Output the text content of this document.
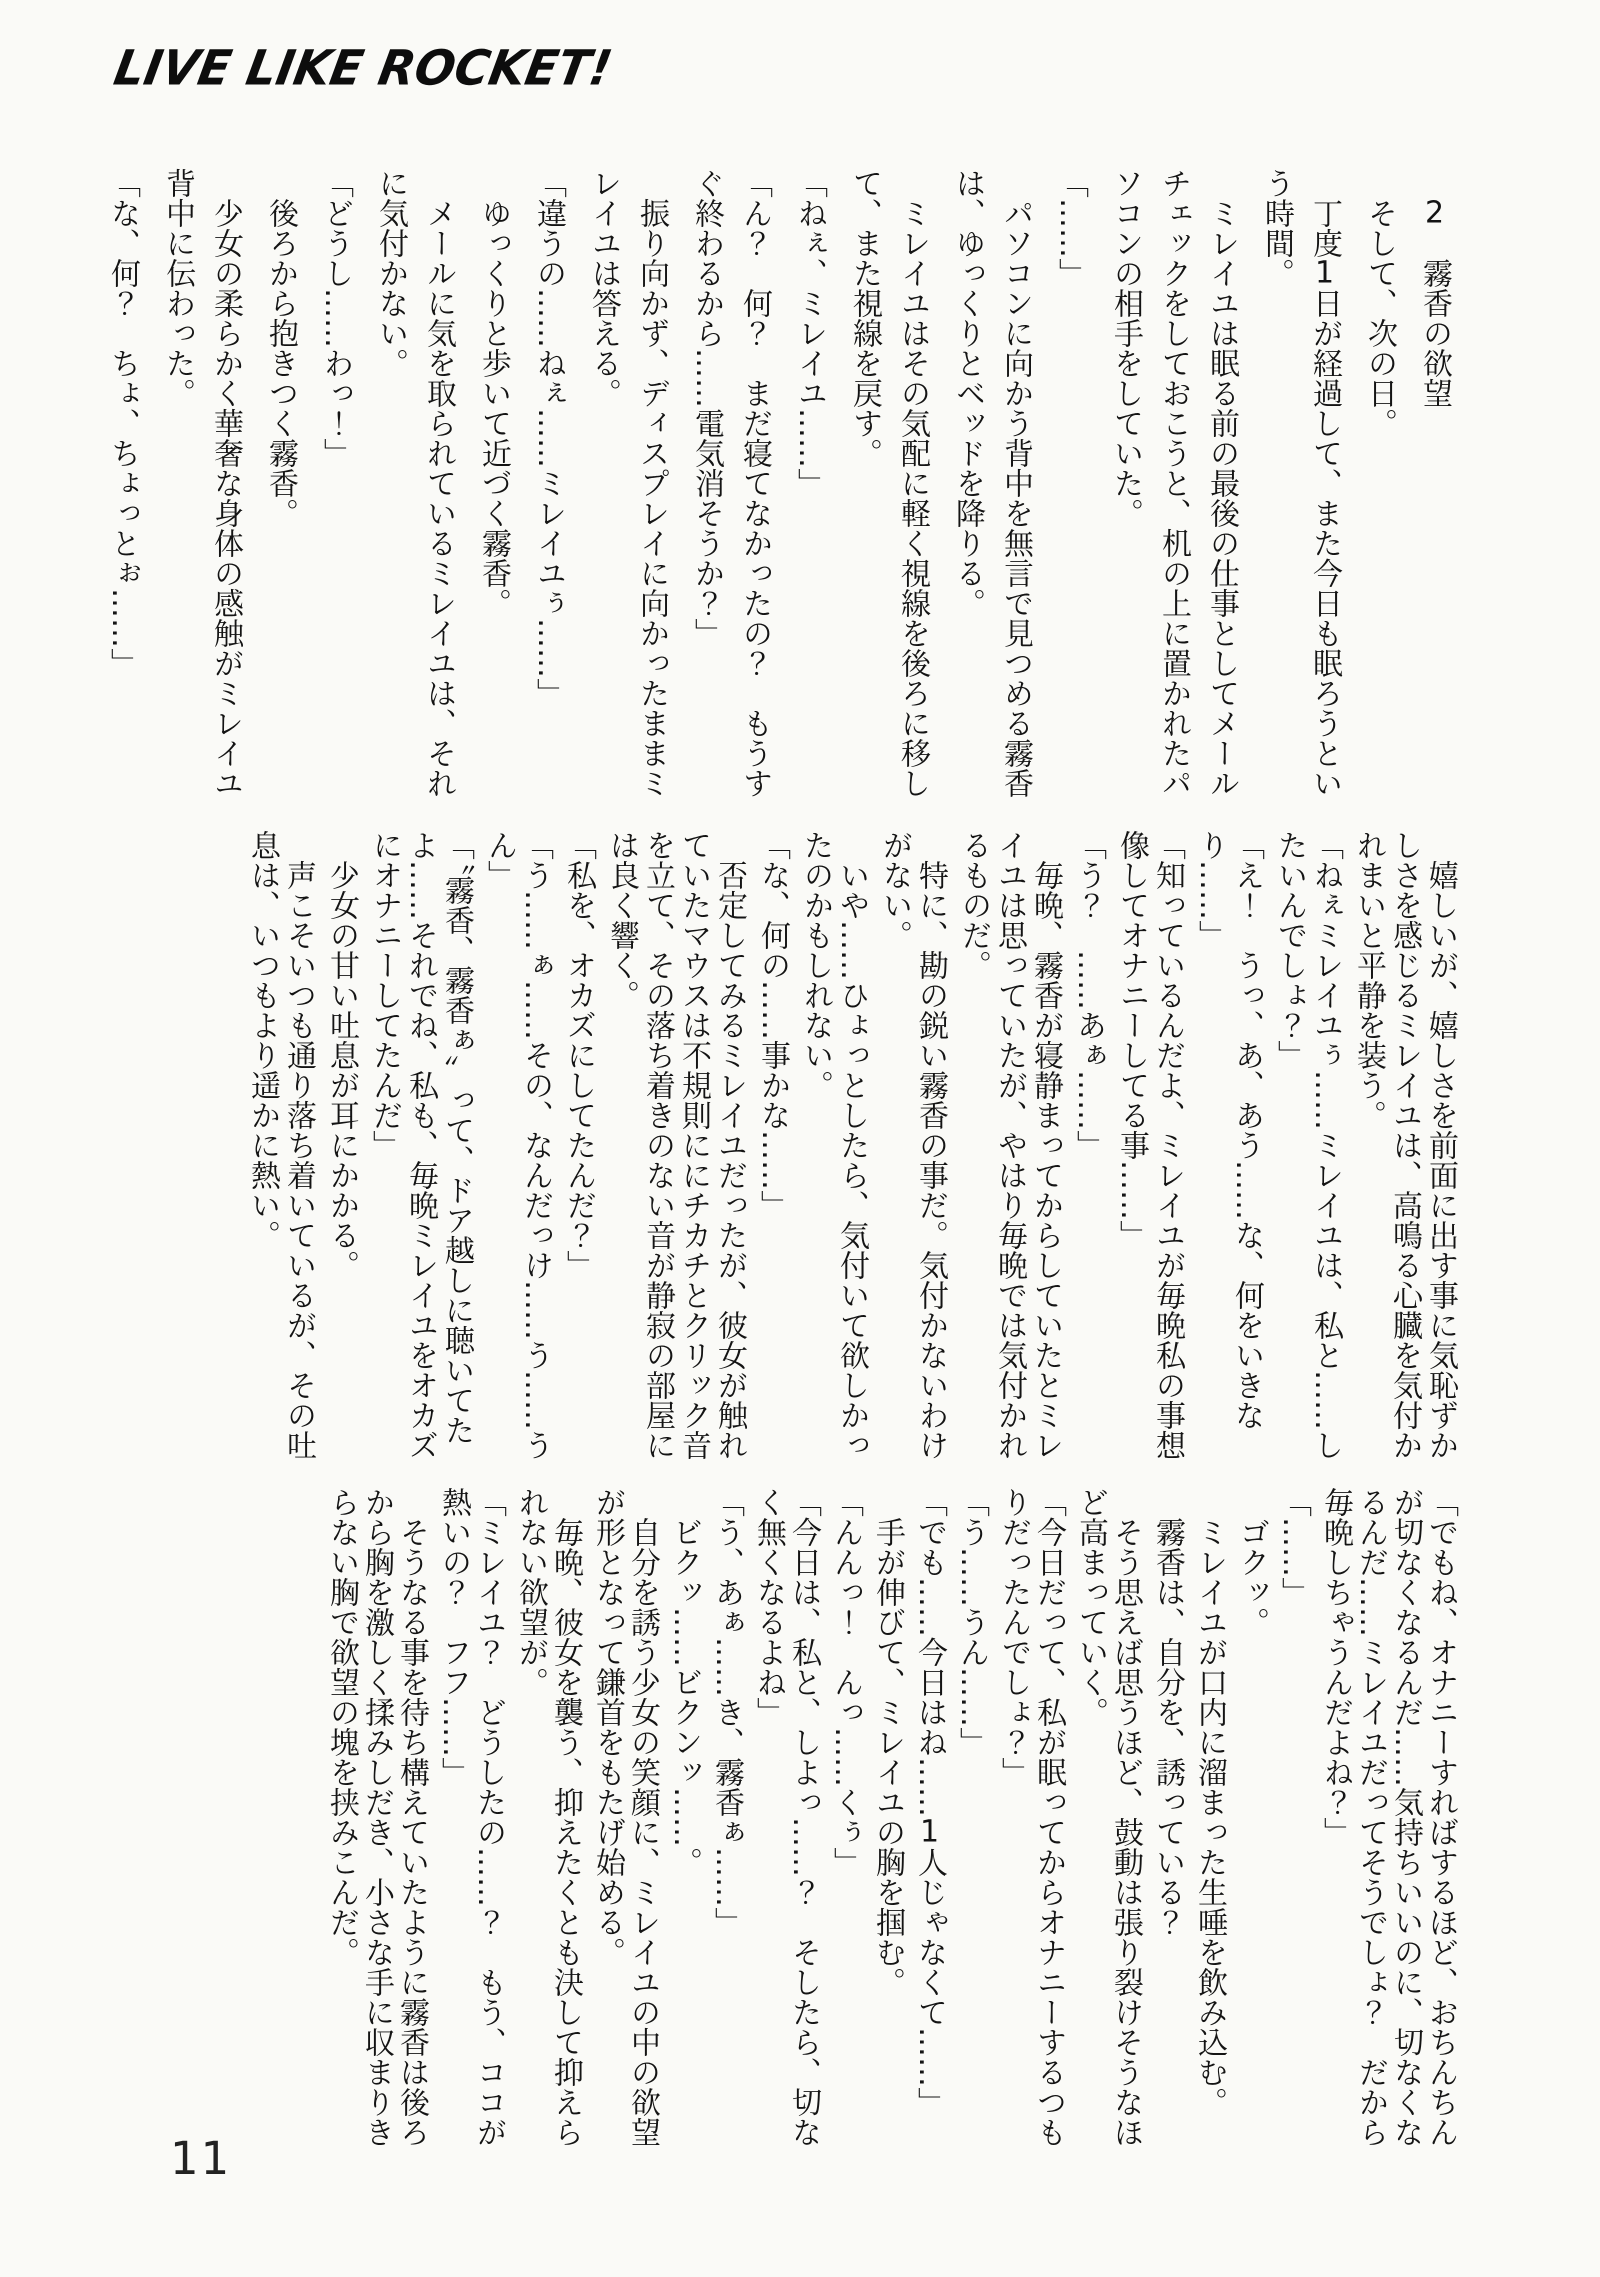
LIVE LIKE ROCKET!

2　霧香の欲望

そして、次の日。

丁度1日が経過して、また今日も眠ろうという時間。

ミレイユは眠る前の最後の仕事としてメールチェックをしておこうと、机の上に置かれたパソコンの相手をしていた。

「……」

パソコンに向かう背中を無言で見つめる霧香は、ゆっくりとベッドを降りる。

ミレイユはその気配に軽く視線を後ろに移して、また視線を戻す。

「ねぇ、ミレイユ……」

「ん？　何？　まだ寝てなかったの？　もうすぐ終わるから……電気消そうか？」

振り向かず、ディスプレイに向かったままミレイユは答える。

「違うの……ねぇ……ミレイユぅ……」

ゆっくりと歩いて近づく霧香。

メールに気を取られているミレイユは、それに気付かない。

「どうし……わっ！」

後ろから抱きつく霧香。

少女の柔らかく華奢な身体の感触がミレイユ背中に伝わった。

「な、何？　ちょ、ちょっとぉ……」

嬉しいが、嬉しさを前面に出す事に気恥ずかしさを感じるミレイユは、高鳴る心臓を気付かれまいと平静を装う。

「ねぇミレイユぅ……ミレイユは、私と……したいんでしょ？」

「え！　うっ、あ、あう……な、何をいきなり……」

「知っているんだよ、ミレイユが毎晩私の事想像してオナニーしてる事……」

「う？　……あぁ……」

毎晩、霧香が寝静まってからしていたとミレイユは思っていたが、やはり毎晩では気付かれるものだ。

特に、勘の鋭い霧香の事だ。気付かないわけがない。

いや……ひょっとしたら、気付いて欲しかったのかもしれない。

「な、何の……事かな……」

否定してみるミレイユだったが、彼女が触れていたマウスは不規則ににチカチとクリック音を立て、その落ち着きのない音が静寂の部屋には良く響く。

「私を、オカズにしてたんだ？」

「う……ぁ……その、なんだっけ……う……うん」

「〝霧香、霧香ぁ〟って、ドア越しに聴いてたよ……それでね、私も、毎晩ミレイユをオカズにオナニーしてたんだ」

少女の甘い吐息が耳にかかる。

声こそいつも通り落ち着いているが、その吐息は、いつもより遥かに熱い。

「でもね、オナニーすればするほど、おちんちんが切なくなるんだ……気持ちいいのに、切なくなるんだ……ミレイユだってそうでしょ？　だから毎晩しちゃうんだよね？」

「……」

ゴクッ。

ミレイユが口内に溜まった生唾を飲み込む。

霧香は、自分を、誘っている？

そう思えば思うほど、鼓動は張り裂けそうなほど高まっていく。

「今日だって、私が眠ってからオナニーするつもりだったんでしょ？」

「う……うん……」

「でも……今日はね……1人じゃなくて……」

手が伸びて、ミレイユの胸を掴む。

「んんっ！　んっ……くぅ」

「今日は、私と、しよっ……？　そしたら、切なく無くなるよね」

「う、あぁ……き、霧香ぁ……」

ビクッ……ビクンッ……。

自分を誘う少女の笑顔に、ミレイユの中の欲望が形となって鎌首をもたげ始める。

毎晩、彼女を襲う、抑えたくとも決して抑えられない欲望が。

「ミレイユ？　どうしたの……？　もう、ココが熱いの？　フフ……」

そうなる事を待ち構えていたように霧香は後ろから胸を激しく揉みしだき、小さな手に収まりきらない胸で欲望の塊を挟みこんだ。

11
